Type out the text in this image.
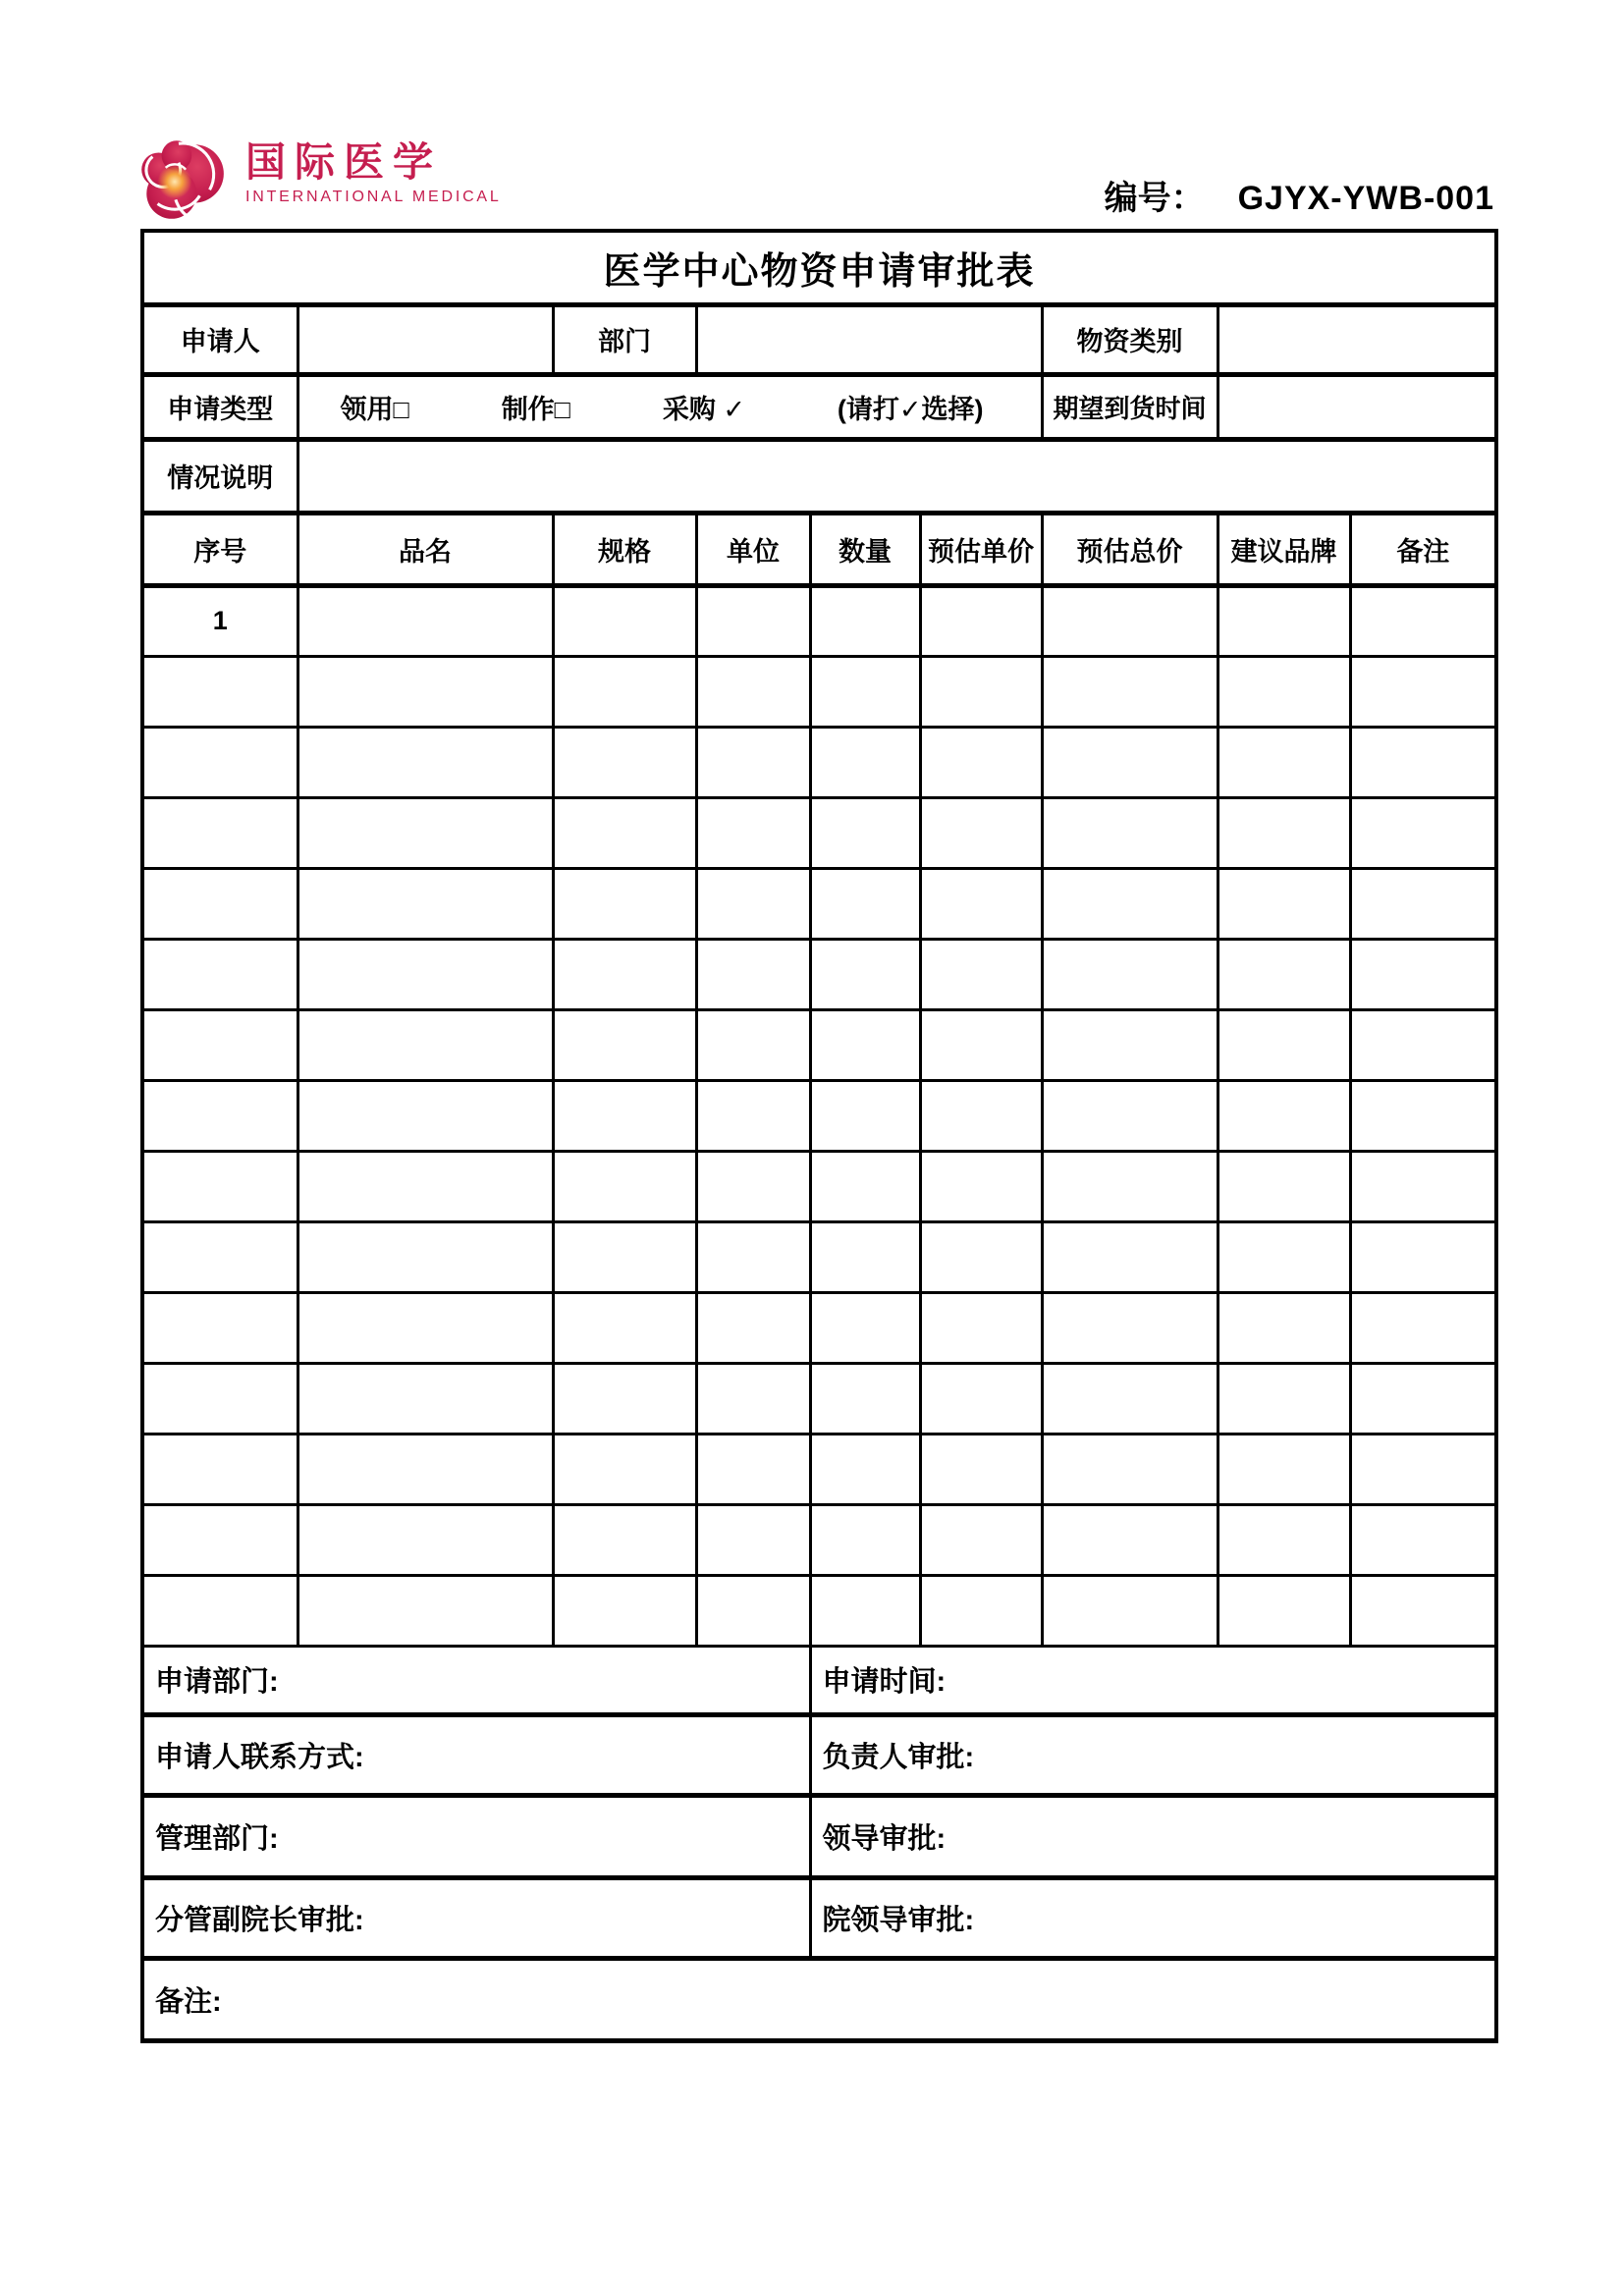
国际医学
INTERNATIONAL MEDICAL	编号： GJYX-YWB-001
医学中心物资申请审批表								
申请人		部门				物资类别		
申请类型	领用□ 制作□ 采购 ✓ (请打✓选择)					期望到货时间		
情况说明								
序号	品名	规格	单位	数量	预估单价	预估总价	建议品牌	备注
1								

申请部门:				申请时间:				
申请人联系方式:				负责人审批:				
管理部门:				领导审批:				
分管副院长审批:				院领导审批:				
备注:								
